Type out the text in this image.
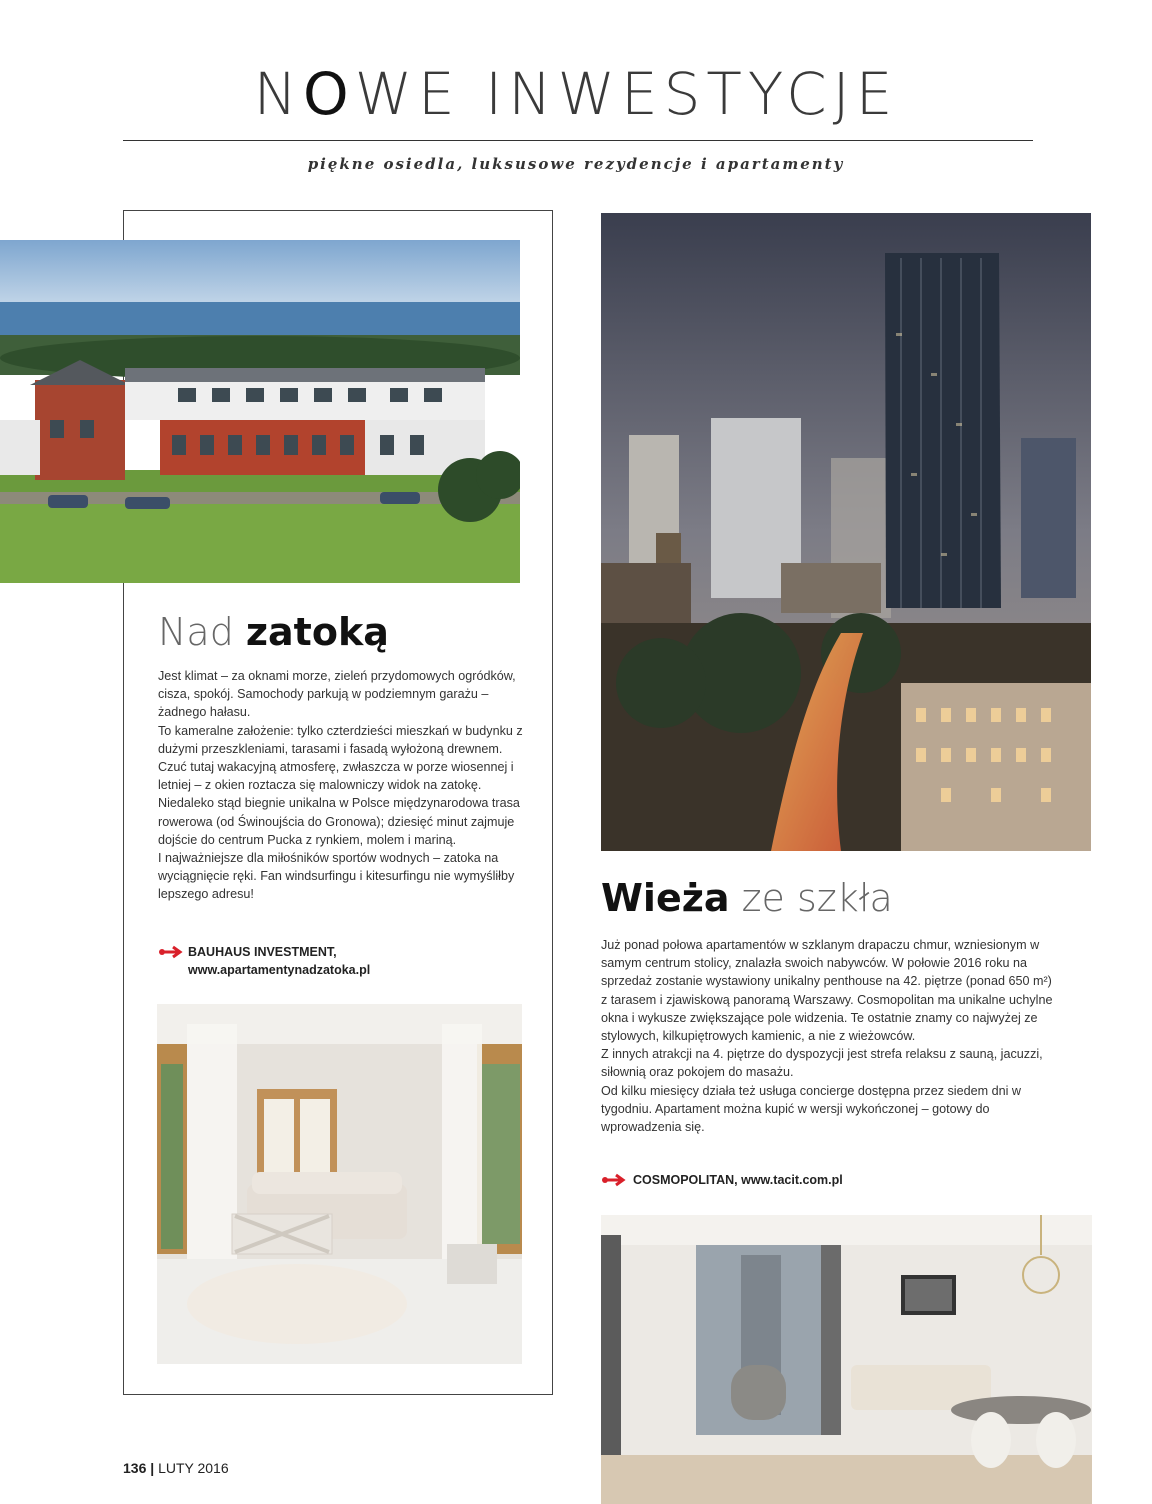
NOWE INWESTYCJE
piękne osiedla, luksusowe rezydencje i apartamenty
Nad zatoką

Jest klimat – za oknami morze, zieleń przydomowych ogródków, cisza, spokój. Samochody parkują w podziemnym garażu – żadnego hałasu.

To kameralne założenie: tylko czterdzieści mieszkań w budynku z dużymi przeszkleniami, tarasami i fasadą wyłożoną drewnem. Czuć tutaj wakacyjną atmosferę, zwłaszcza w porze wiosennej i letniej – z okien roztacza się malowniczy widok na zatokę. Niedaleko stąd biegnie unikalna w Polsce międzynarodowa trasa rowerowa (od Świnoujścia do Gronowa); dziesięć minut zajmuje dojście do centrum Pucka z rynkiem, molem i mariną.

I najważniejsze dla miłośników sportów wodnych – zatoka na wyciągnięcie ręki. Fan windsurfingu i kitesurfingu nie wymyśliłby lepszego adresu!

BAUHAUS INVESTMENT,
www.apartamentynadzatoka.pl
Wieża ze szkła

Już ponad połowa apartamentów w szklanym drapaczu chmur, wzniesionym w samym centrum stolicy, znalazła swoich nabywców. W połowie 2016 roku na sprzedaż zostanie wystawiony unikalny penthouse na 42. piętrze (ponad 650 m²) z tarasem i zjawiskową panoramą Warszawy. Cosmopolitan ma unikalne uchylne okna i wykusze zwiększające pole widzenia. Te ostatnie znamy co najwyżej ze stylowych, kilkupiętrowych kamienic, a nie z wieżowców.

Z innych atrakcji na 4. piętrze do dyspozycji jest strefa relaksu z sauną, jacuzzi, siłownią oraz pokojem do masażu.

Od kilku miesięcy działa też usługa concierge dostępna przez siedem dni w tygodniu. Apartament można kupić w wersji wykończonej – gotowy do wprowadzenia się.

COSMOPOLITAN, www.tacit.com.pl
136 | LUTY 2016
